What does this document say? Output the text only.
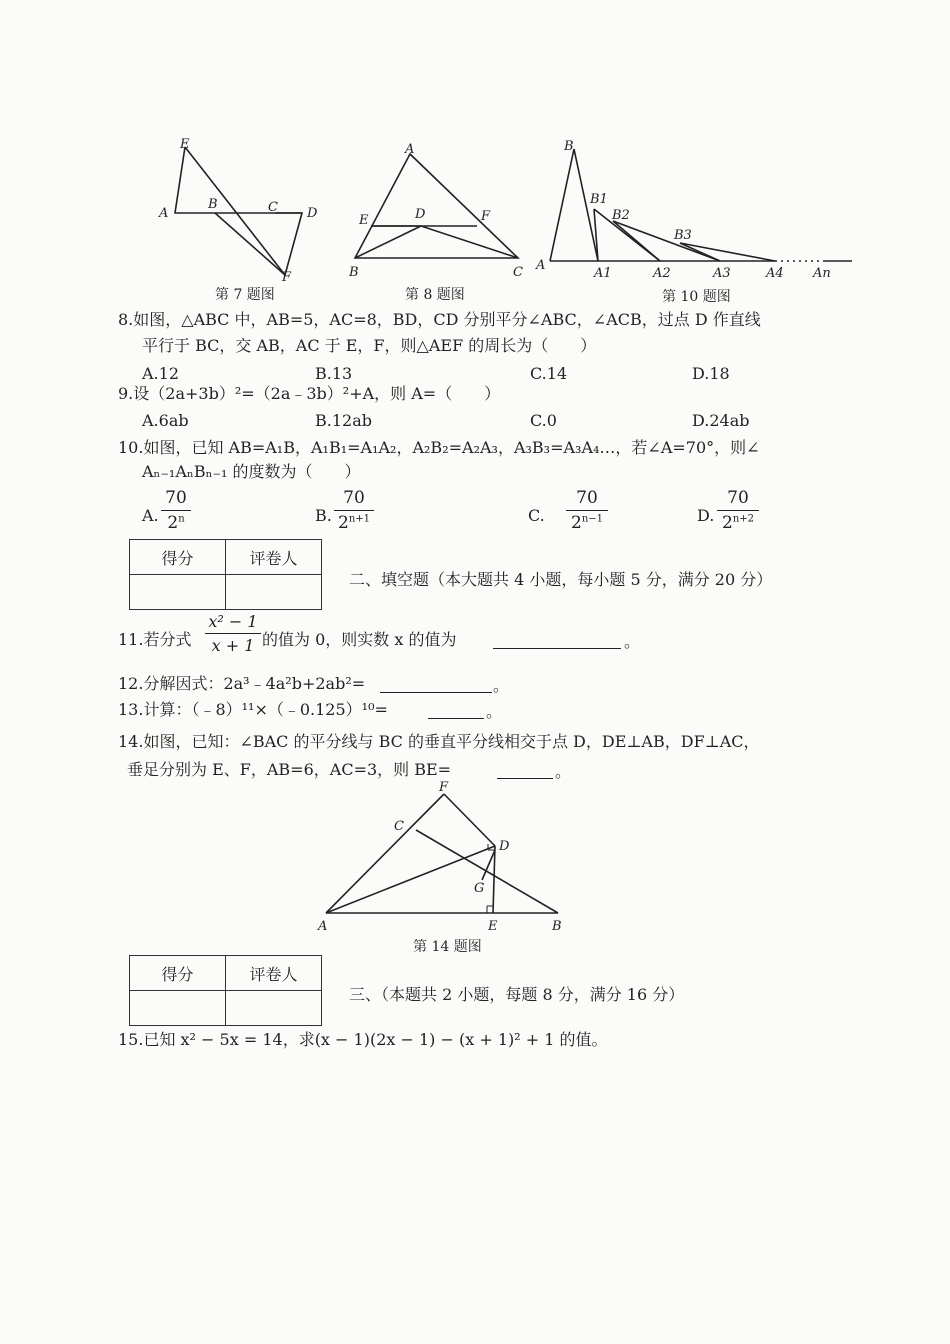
E
A
B	C D
F
第 7 题图
A
E	D	F
B	C
第 8 题图
B
B1
B2
B3
A
A1	A2	A3	A4 An
第 10 题图
8.如图，△ABC 中，AB=5，AC=8，BD，CD 分别平分∠ABC，∠ACB，过点 D 作直线
平行于 BC，交 AB，AC 于 E，F，则△AEF 的周长为（　　）
A.12	B.13	C.14	D.18
9.设（2a+3b）²=（2a﹣3b）²+A，则 A=（　　）
A.6ab	B.12ab	C.0	D.24ab
10.如图，已知 AB=A₁B，A₁B₁=A₁A₂，A₂B₂=A₂A₃，A₃B₃=A₃A₄…，若∠A=70°，则∠
Aₙ₋₁AₙBₙ₋₁ 的度数为（　　）
A.
70
2$^n$	B.
70
$2^{n+1}$	C.
70
$2^{n-1}$	D.
70
$2^{n+2}$
得分	评卷人

二、填空题（本大题共 4 小题，每小题 5 分，满分 20 分）
11.若分式
x² − 1
x + 1 的值为 0，则实数 x 的值为	。
12.分解因式：2a³﹣4a²b+2ab²=	。
13.计算：（﹣8）¹¹×（﹣0.125）¹⁰=	。
14.如图，已知：∠BAC 的平分线与 BC 的垂直平分线相交于点 D，DE⊥AB，DF⊥AC，
垂足分别为 E、F，AB=6，AC=3，则 BE=	。
F
C
D
G
A	E	B
第 14 题图
得分	评卷人

三、（本题共 2 小题，每题 8 分，满分 16 分）
15.已知 x² − 5x = 14，求(x − 1)(2x − 1) − (x + 1)² + 1 的值。
